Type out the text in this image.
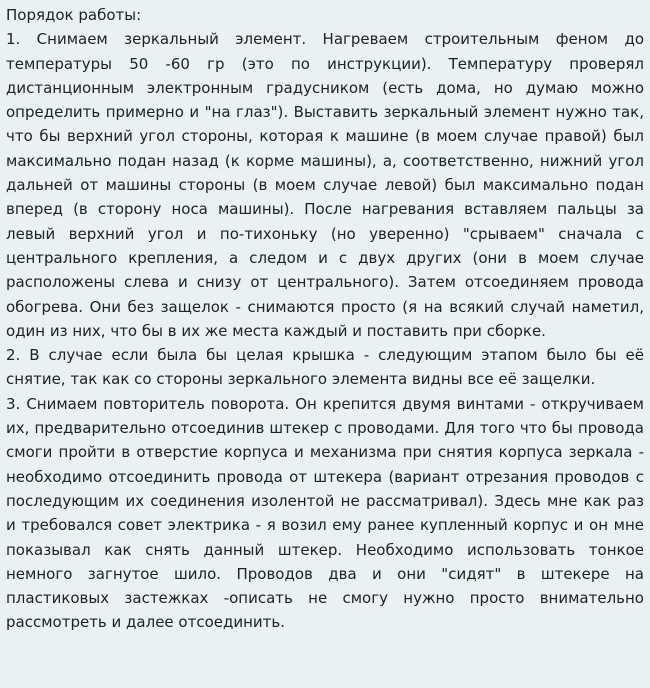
Порядок работы:

1. Снимаем зеркальный элемент. Нагреваем строительным феном до температуры 50 -60 гр (это по инструкции). Температуру проверял дистанционным электронным градусником (есть дома, но думаю можно определить примерно и "на глаз"). Выставить зеркальный элемент нужно так, что бы верхний угол стороны, которая к машине (в моем случае правой) был максимально подан назад (к корме машины), а, соответственно, нижний угол дальней от машины стороны (в моем случае левой) был максимально подан вперед (в сторону носа машины). После нагревания вставляем пальцы за левый верхний угол и по-тихоньку (но уверенно) "срываем" сначала с центрального крепления, а следом и с двух других (они в моем случае расположены слева и снизу от центрального). Затем отсоединяем провода обогрева. Они без защелок - снимаются просто (я на всякий случай наметил, один из них, что бы в их же места каждый и поставить при сборке.

2. В случае если была бы целая крышка - следующим этапом было бы её снятие, так как со стороны зеркального элемента видны все её защелки.

3. Снимаем повторитель поворота. Он крепится двумя винтами - откручиваем их, предварительно отсоединив штекер с проводами. Для того что бы провода смоги пройти в отверстие корпуса и механизма при снятия корпуса зеркала - необходимо отсоединить провода от штекера (вариант отрезания проводов с последующим их соединения изолентой не рассматривал). Здесь мне как раз и требовался совет электрика - я возил ему ранее купленный корпус и он мне показывал как снять данный штекер. Необходимо использовать тонкое немного загнутое шило. Проводов два и они "сидят" в штекере на пластиковых застежках -описать не смогу нужно просто внимательно рассмотреть и далее отсоединить.
